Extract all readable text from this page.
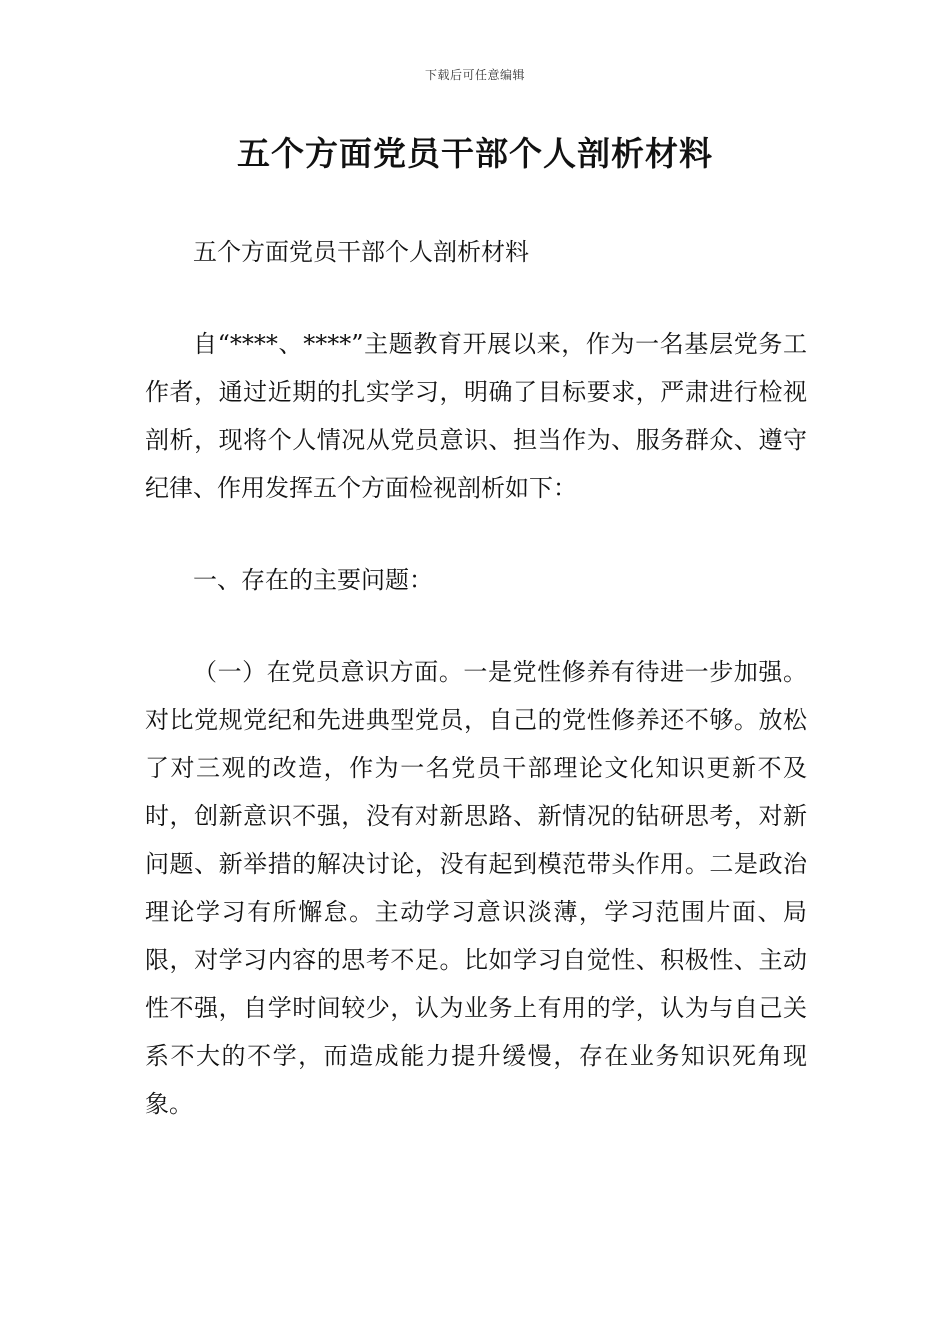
下载后可任意编辑
五个方面党员干部个人剖析材料

五个方面党员干部个人剖析材料

自“****、****”主题教育开展以来，作为一名基层党务工作者，通过近期的扎实学习，明确了目标要求，严肃进行检视剖析，现将个人情况从党员意识、担当作为、服务群众、遵守纪律、作用发挥五个方面检视剖析如下：

一、存在的主要问题：

（一）在党员意识方面。一是党性修养有待进一步加强。对比党规党纪和先进典型党员，自己的党性修养还不够。放松了对三观的改造，作为一名党员干部理论文化知识更新不及时，创新意识不强，没有对新思路、新情况的钻研思考，对新问题、新举措的解决讨论，没有起到模范带头作用。二是政治理论学习有所懈怠。主动学习意识淡薄，学习范围片面、局限，对学习内容的思考不足。比如学习自觉性、积极性、主动性不强，自学时间较少，认为业务上有用的学，认为与自己关系不大的不学，而造成能力提升缓慢，存在业务知识死角现象。
